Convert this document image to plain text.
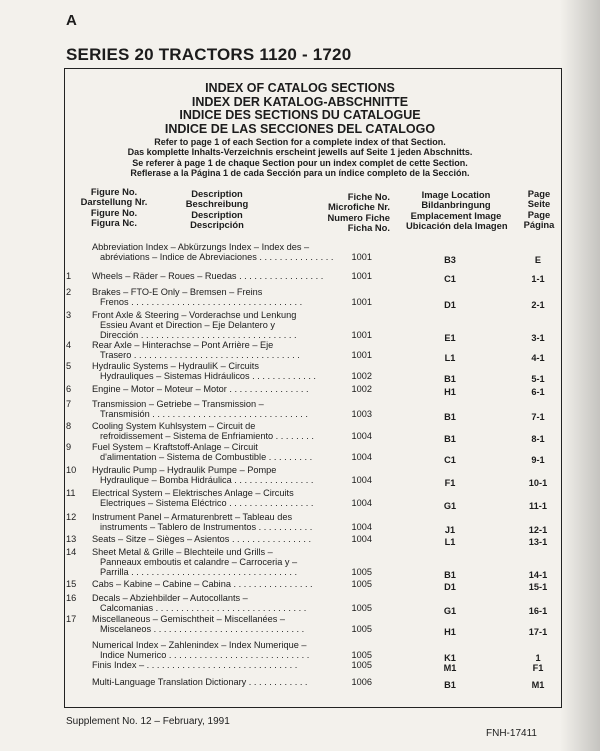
A
SERIES 20 TRACTORS 1120 - 1720
INDEX OF CATALOG SECTIONS
INDEX DER KATALOG-ABSCHNITTE
INDICE DES SECTIONS DU CATALOGUE
INDICE DE LAS SECCIONES DEL CATALOGO
Refer to page 1 of each Section for a complete index of that Section.
Das komplette Inhalts-Verzeichnis erscheint jewells auf Seite 1 jeden Abschnitts.
Se referer à page 1 de chaque Section pour un index complet de cette Section.
Reflerase a la Página 1 de cada Sección para un índice completo de la Sección.
Figure No.
Darstellung Nr.
Figure No.
Figura Nc.
Description
Beschreibung
Description
Descripción
Fiche No.
Microfiche Nr.
Numero Fiche
Ficha No.
Image Location
Bildanbringung
Emplacement Image
Ubicación dela Imagen
Page
Seite
Page
Página
Abbreviation Index – Abkürzungs Index – Index des –
abréviations – Indice de Abreviaciones . . . . . . . . . . . . . . .	1001	B3	E
1	Wheels – Räder – Roues – Ruedas . . . . . . . . . . . . . . . . .	1001	C1	1-1
2	Brakes – FTO-E Only – Bremsen – Freins
Frenos . . . . . . . . . . . . . . . . . . . . . . . . . . . . . . . . . .	1001	D1	2-1
3	Front Axle & Steering – Vorderachse und Lenkung
Essieu Avant et Direction – Eje Delantero y
Dirección . . . . . . . . . . . . . . . . . . . . . . . . . . . . . . .	1001	E1	3-1
4	Rear Axle – Hinterachse – Pont Arrière – Eje
Trasero . . . . . . . . . . . . . . . . . . . . . . . . . . . . . . . . .	1001	L1	4-1
5	Hydraulic Systems – HydrauliK – Circuits
Hydrauliques – Sistemas Hidráulicos . . . . . . . . . . . . .	1002	B1	5-1
6	Engine – Motor – Moteur – Motor . . . . . . . . . . . . . . . .	1002	H1	6-1
7	Transmission – Getriebe – Transmission –
Transmisión . . . . . . . . . . . . . . . . . . . . . . . . . . . . . . .	1003	B1	7-1
8	Cooling System Kuhlsystem – Circuit de
refroidissement – Sistema de Enfriamiento . . . . . . . .	1004	B1	8-1
9	Fuel System – Kraftstoff-Anlage – Circuit
d'alimentation – Sistema de Combustible . . . . . . . . .	1004	C1	9-1
10	Hydraulic Pump – Hydraulik Pumpe – Pompe
Hydraulique – Bomba Hidráulica . . . . . . . . . . . . . . . .	1004	F1	10-1
11	Electrical System – Elektrisches Anlage – Circuits
Electriques – Sistema Eléctrico . . . . . . . . . . . . . . . . .	1004	G1	11-1
12	Instrument Panel – Armaturenbrett – Tableau des
instruments – Tablero de Instrumentos . . . . . . . . . . .	1004	J1	12-1
13	Seats – Sitze – Sièges – Asientos . . . . . . . . . . . . . . . .	1004	L1	13-1
14	Sheet Metal & Grille – Blechteile und Grills –
Panneaux emboutis et calandre – Carroceria y –
Parrilla . . . . . . . . . . . . . . . . . . . . . . . . . . . . . . . . .	1005	B1	14-1
15	Cabs – Kabine – Cabine – Cabina . . . . . . . . . . . . . . . .	1005	D1	15-1
16	Decals – Abziehbilder – Autocollants –
Calcomanias . . . . . . . . . . . . . . . . . . . . . . . . . . . . . .	1005	G1	16-1
17	Miscellaneous – Gemischtheit – Miscellanées –
Miscelaneos . . . . . . . . . . . . . . . . . . . . . . . . . . . . . .	1005	H1	17-1
Numerical Index – Zahlenindex – Index Numerique –
Indice Numerico . . . . . . . . . . . . . . . . . . . . . . . . . . . .	1005	K1	1
Finis Index – . . . . . . . . . . . . . . . . . . . . . . . . . . . . . .	1005	M1	F1
Multi-Language Translation Dictionary . . . . . . . . . . . .	1006	B1	M1
Supplement No. 12 – February, 1991
FNH-17411
